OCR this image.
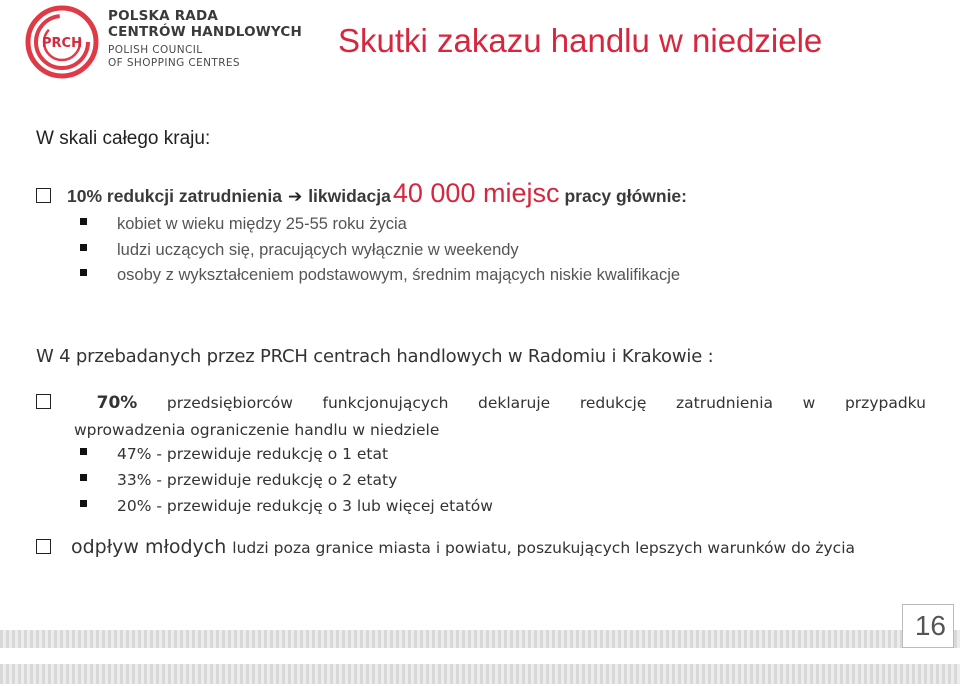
PRCH
POLSKA RADA
CENTRÓW HANDLOWYCH
POLISH COUNCIL
OF SHOPPING CENTRES
Skutki zakazu handlu w niedziele
W skali całego kraju:
10% redukcji zatrudnienia ➔ likwidacja 40 000 miejsc pracy głównie:
kobiet w wieku między 25-55 roku życia
ludzi uczących się, pracujących wyłącznie w weekendy
osoby z wykształceniem podstawowym, średnim mających niskie kwalifikacje
W 4 przebadanych przez PRCH centrach handlowych w Radomiu i Krakowie :
70% przedsiębiorców funkcjonujących deklaruje redukcję zatrudnienia w przypadku
wprowadzenia ograniczenie handlu w niedziele
47% - przewiduje redukcję o 1 etat
33% - przewiduje redukcję o 2 etaty
20% - przewiduje redukcję o 3 lub więcej etatów
odpływ młodych ludzi poza granice miasta i powiatu, poszukujących lepszych warunków do życia
16
